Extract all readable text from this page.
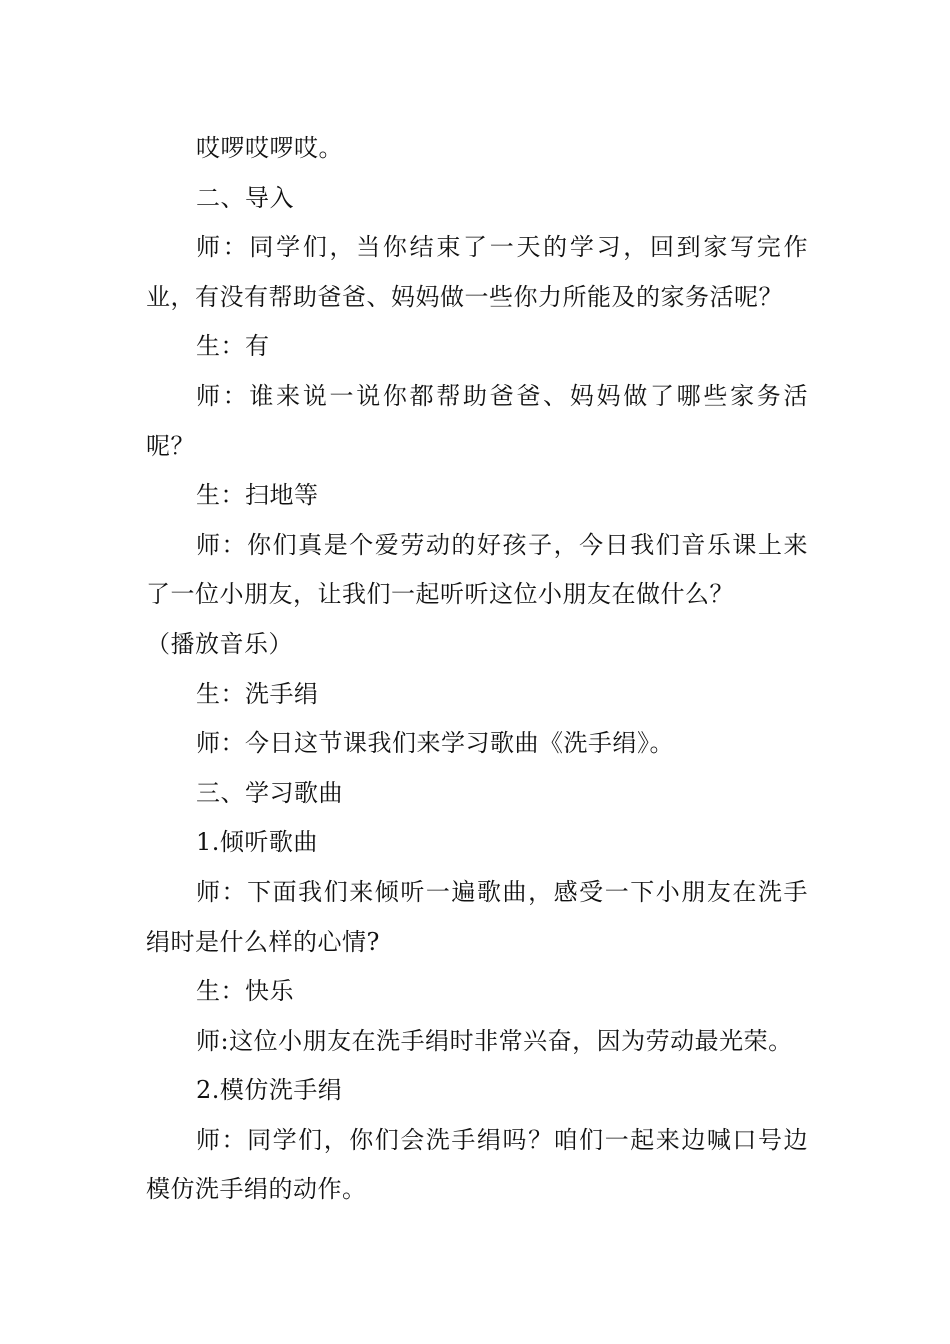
哎啰哎啰哎。

二、导入

师：同学们，当你结束了一天的学习，回到家写完作业，有没有帮助爸爸、妈妈做一些你力所能及的家务活呢？

生：有

师：谁来说一说你都帮助爸爸、妈妈做了哪些家务活呢？

生：扫地等

师：你们真是个爱劳动的好孩子，今日我们音乐课上来了一位小朋友，让我们一起听听这位小朋友在做什么？

（播放音乐）

生：洗手绢

师：今日这节课我们来学习歌曲《洗手绢》。

三、学习歌曲

1.倾听歌曲

师：下面我们来倾听一遍歌曲，感受一下小朋友在洗手绢时是什么样的心情?

生：快乐

师:这位小朋友在洗手绢时非常兴奋，因为劳动最光荣。

2.模仿洗手绢

师：同学们，你们会洗手绢吗？咱们一起来边喊口号边模仿洗手绢的动作。
